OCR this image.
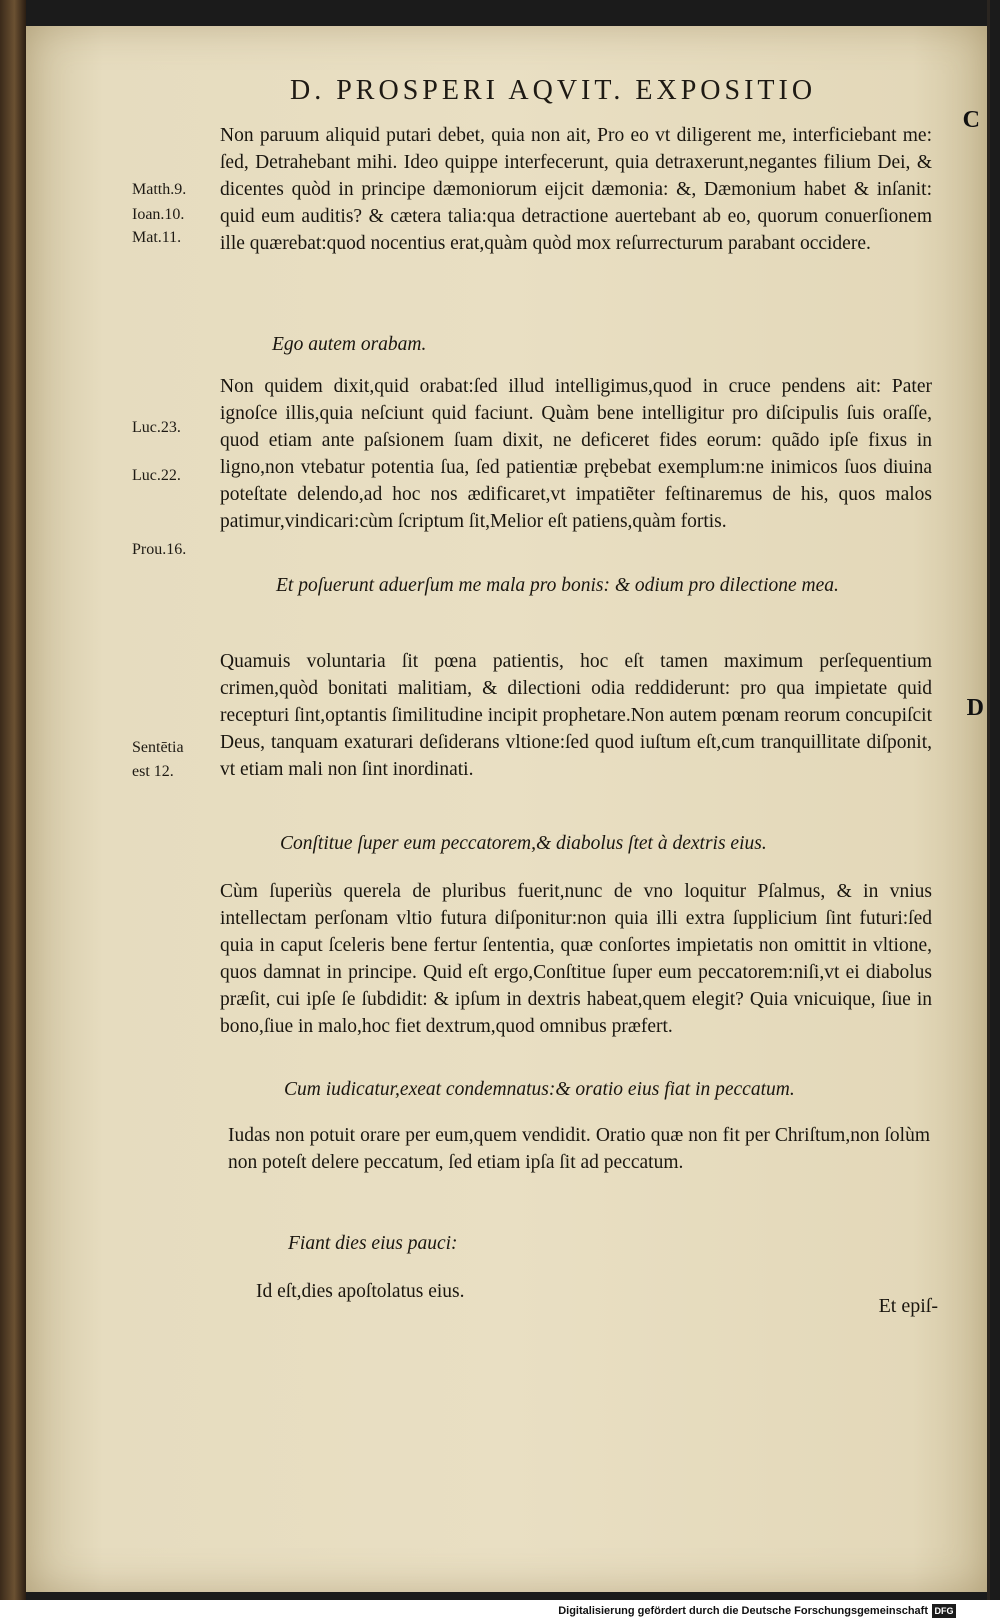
D. PROSPERI AQVIT. EXPOSITIO
C
D
Matth.9.
Ioan.10.
Mat.11.
Luc.23.
Luc.22.
Prou.16.
Sentētia
est 12.
Non paruum aliquid putari debet, quia non ait, Pro eo vt diligerent me, interficiebant me: ſed, Detrahebant mihi. Ideo quippe interfecerunt, quia detraxerunt,negantes filium Dei, & dicentes quòd in principe dæmoniorum eijcit dæmonia: &, Dæmonium habet & inſanit: quid eum auditis? & cætera talia:qua detractione auertebant ab eo, quorum conuerſionem ille quærebat:quod nocentius erat,quàm quòd mox reſurrecturum parabant occidere.
Ego autem orabam.
Non quidem dixit,quid orabat:ſed illud intelligimus,quod in cruce pendens ait: Pater ignoſce illis,quia neſciunt quid faciunt. Quàm bene intelligitur pro diſcipulis ſuis oraſſe, quod etiam ante paſsionem ſuam dixit, ne deficeret fides eorum: quãdo ipſe fixus in ligno,non vtebatur potentia ſua, ſed patientiæ prębebat exemplum:ne inimicos ſuos diuina poteſtate delendo,ad hoc nos ædificaret,vt impatiẽter feſtinaremus de his, quos malos patimur,vindicari:cùm ſcriptum ſit,Melior eſt patiens,quàm fortis.
Et poſuerunt aduerſum me mala pro bonis: & odium pro dilectione mea.
Quamuis voluntaria ſit pœna patientis, hoc eſt tamen maximum perſequentium crimen,quòd bonitati malitiam, & dilectioni odia reddiderunt: pro qua impietate quid recepturi ſint,optantis ſimilitudine incipit prophetare.Non autem pœnam reorum concupiſcit Deus, tanquam exaturari deſiderans vltione:ſed quod iuſtum eſt,cum tranquillitate diſponit, vt etiam mali non ſint inordinati.
Conſtitue ſuper eum peccatorem,& diabolus ſtet à dextris eius.
Cùm ſuperiùs querela de pluribus fuerit,nunc de vno loquitur Pſalmus, & in vnius intellectam perſonam vltio futura diſponitur:non quia illi extra ſupplicium ſint futuri:ſed quia in caput ſceleris bene fertur ſententia, quæ conſortes impietatis non omittit in vltione, quos damnat in principe. Quid eſt ergo,Conſtitue ſuper eum peccatorem:niſi,vt ei diabolus præſit, cui ipſe ſe ſubdidit: & ipſum in dextris habeat,quem elegit? Quia vnicuique, ſiue in bono,ſiue in malo,hoc fiet dextrum,quod omnibus præfert.
Cum iudicatur,exeat condemnatus:& oratio eius fiat in peccatum.
Iudas non potuit orare per eum,quem vendidit. Oratio quæ non fit per Chriſtum,non ſolùm non poteſt delere peccatum, ſed etiam ipſa ſit ad peccatum.
Fiant dies eius pauci:
Id eſt,dies apoſtolatus eius.
Et epiſ-
Digitalisierung gefördert durch die Deutsche Forschungsgemeinschaft DFG
